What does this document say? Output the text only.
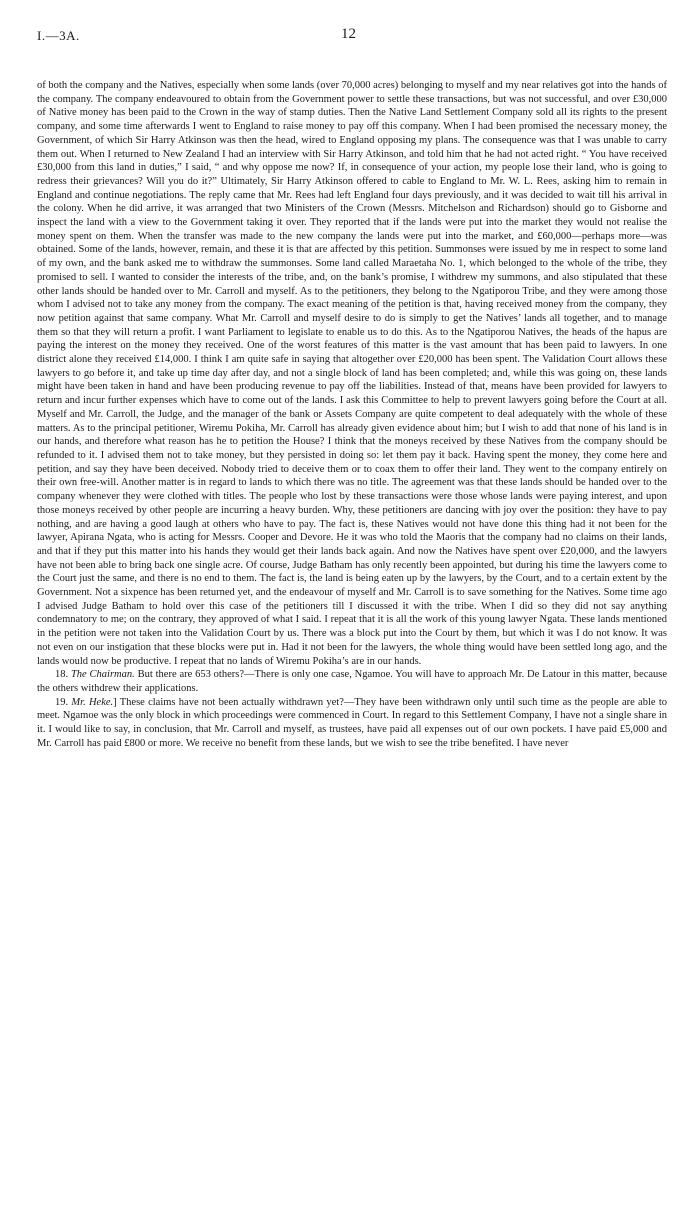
I.—3A.	12

of both the company and the Natives, especially when some lands (over 70,000 acres) belonging to myself and my near relatives got into the hands of the company. The company endeavoured to obtain from the Government power to settle these transactions, but was not successful, and over £30,000 of Native money has been paid to the Crown in the way of stamp duties. Then the Native Land Settlement Company sold all its rights to the present company, and some time afterwards I went to England to raise money to pay off this company. When I had been promised the necessary money, the Government, of which Sir Harry Atkinson was then the head, wired to England opposing my plans. The consequence was that I was unable to carry them out. When I returned to New Zealand I had an interview with Sir Harry Atkinson, and told him that he had not acted right. “ You have received £30,000 from this land in duties,” I said, “ and why oppose me now? If, in consequence of your action, my people lose their land, who is going to redress their grievances? Will you do it?” Ultimately, Sir Harry Atkinson offered to cable to England to Mr. W. L. Rees, asking him to remain in England and continue negotiations. The reply came that Mr. Rees had left England four days previously, and it was decided to wait till his arrival in the colony. When he did arrive, it was arranged that two Ministers of the Crown (Messrs. Mitchelson and Richardson) should go to Gisborne and inspect the land with a view to the Government taking it over. They reported that if the lands were put into the market they would not realise the money spent on them. When the transfer was made to the new company the lands were put into the market, and £60,000—perhaps more—was obtained. Some of the lands, however, remain, and these it is that are affected by this petition. Summonses were issued by me in respect to some land of my own, and the bank asked me to withdraw the summonses. Some land called Maraetaha No. 1, which belonged to the whole of the tribe, they promised to sell. I wanted to consider the interests of the tribe, and, on the bank’s promise, I withdrew my summons, and also stipulated that these other lands should be handed over to Mr. Carroll and myself. As to the petitioners, they belong to the Ngatiporou Tribe, and they were among those whom I advised not to take any money from the company. The exact meaning of the petition is that, having received money from the company, they now petition against that same company. What Mr. Carroll and myself desire to do is simply to get the Natives’ lands all together, and to manage them so that they will return a profit. I want Parliament to legislate to enable us to do this. As to the Ngatiporou Natives, the heads of the hapus are paying the interest on the money they received. One of the worst features of this matter is the vast amount that has been paid to lawyers. In one district alone they received £14,000. I think I am quite safe in saying that altogether over £20,000 has been spent. The Validation Court allows these lawyers to go before it, and take up time day after day, and not a single block of land has been completed; and, while this was going on, these lands might have been taken in hand and have been producing revenue to pay off the liabilities. Instead of that, means have been provided for lawyers to return and incur further expenses which have to come out of the lands. I ask this Committee to help to prevent lawyers going before the Court at all. Myself and Mr. Carroll, the Judge, and the manager of the bank or Assets Company are quite competent to deal adequately with the whole of these matters. As to the principal petitioner, Wiremu Pokiha, Mr. Carroll has already given evidence about him; but I wish to add that none of his land is in our hands, and therefore what reason has he to petition the House? I think that the moneys received by these Natives from the company should be refunded to it. I advised them not to take money, but they persisted in doing so: let them pay it back. Having spent the money, they come here and petition, and say they have been deceived. Nobody tried to deceive them or to coax them to offer their land. They went to the company entirely on their own free-will. Another matter is in regard to lands to which there was no title. The agreement was that these lands should be handed over to the company whenever they were clothed with titles. The people who lost by these transactions were those whose lands were paying interest, and upon those moneys received by other people are incurring a heavy burden. Why, these petitioners are dancing with joy over the position: they have to pay nothing, and are having a good laugh at others who have to pay. The fact is, these Natives would not have done this thing had it not been for the lawyer, Apirana Ngata, who is acting for Messrs. Cooper and Devore. He it was who told the Maoris that the company had no claims on their lands, and that if they put this matter into his hands they would get their lands back again. And now the Natives have spent over £20,000, and the lawyers have not been able to bring back one single acre. Of course, Judge Batham has only recently been appointed, but during his time the lawyers come to the Court just the same, and there is no end to them. The fact is, the land is being eaten up by the lawyers, by the Court, and to a certain extent by the Government. Not a sixpence has been returned yet, and the endeavour of myself and Mr. Carroll is to save something for the Natives. Some time ago I advised Judge Batham to hold over this case of the petitioners till I discussed it with the tribe. When I did so they did not say anything condemnatory to me; on the contrary, they approved of what I said. I repeat that it is all the work of this young lawyer Ngata. These lands mentioned in the petition were not taken into the Validation Court by us. There was a block put into the Court by them, but which it was I do not know. It was not even on our instigation that these blocks were put in. Had it not been for the lawyers, the whole thing would have been settled long ago, and the lands would now be productive. I repeat that no lands of Wiremu Pokiha’s are in our hands.

18. The Chairman. But there are 653 others?—There is only one case, Ngamoe. You will have to approach Mr. De Latour in this matter, because the others withdrew their applications.

19. Mr. Heke.] These claims have not been actually withdrawn yet?—They have been withdrawn only until such time as the people are able to meet. Ngamoe was the only block in which proceedings were commenced in Court. In regard to this Settlement Company, I have not a single share in it. I would like to say, in conclusion, that Mr. Carroll and myself, as trustees, have paid all expenses out of our own pockets. I have paid £5,000 and Mr. Carroll has paid £800 or more. We receive no benefit from these lands, but we wish to see the tribe benefited. I have never
